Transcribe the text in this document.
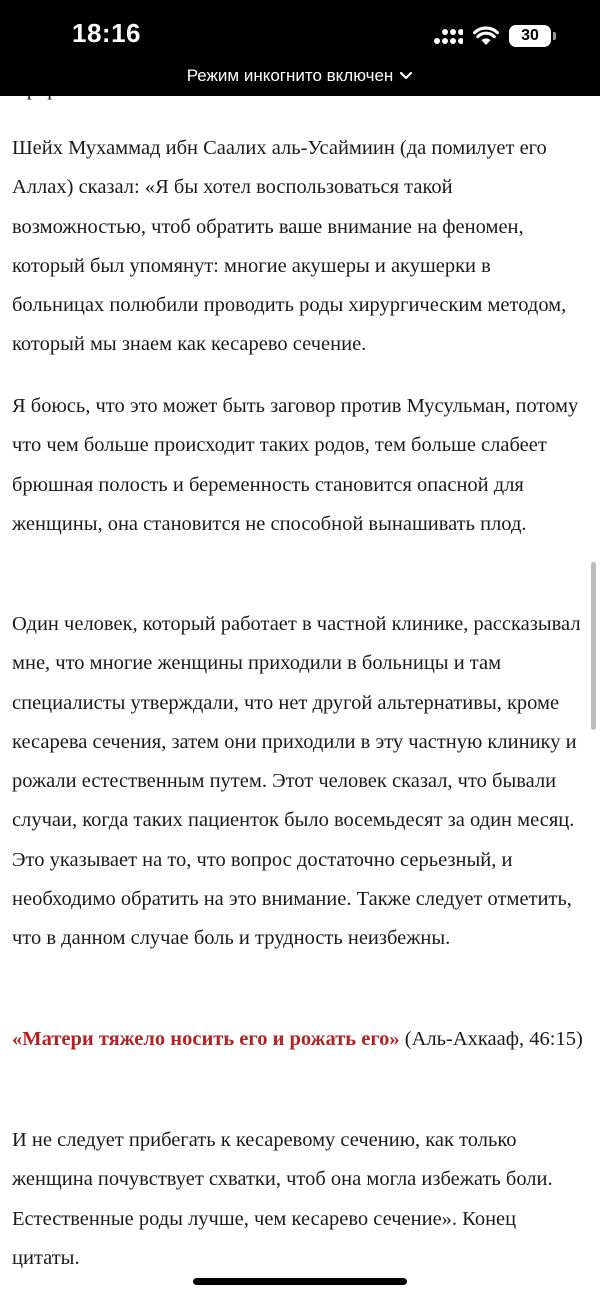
Шейх Мухаммад ибн Саалих аль-Усаймиин (да помилует его Аллах) сказал: «Я бы хотел воспользоваться такой возможностью, чтоб обратить ваше внимание на феномен, который был упомянут: многие акушеры и акушерки в больницах полюбили проводить роды хирургическим методом, который мы знаем как кесарево сечение.

Я боюсь, что это может быть заговор против Мусульман, потому что чем больше происходит таких родов, тем больше слабеет брюшная полость и беременность становится опасной для женщины, она становится не способной вынашивать плод.

Один человек, который работает в частной клинике, рассказывал мне, что многие женщины приходили в больницы и там специалисты утверждали, что нет другой альтернативы, кроме кесарева сечения, затем они приходили в эту частную клинику и рожали естественным путем. Этот человек сказал, что бывали случаи, когда таких пациенток было восемьдесят за один месяц. Это указывает на то, что вопрос достаточно серьезный, и необходимо обратить на это внимание. Также следует отметить, что в данном случае боль и трудность неизбежны.

«Матери тяжело носить его и рожать его» (Аль-Ахкааф, 46:15)

И не следует прибегать к кесаревому сечению, как только женщина почувствует схватки, чтоб она могла избежать боли. Естественные роды лучше, чем кесарево сечение». Конец цитаты.

18:16	30
Режим инкогнито включен
